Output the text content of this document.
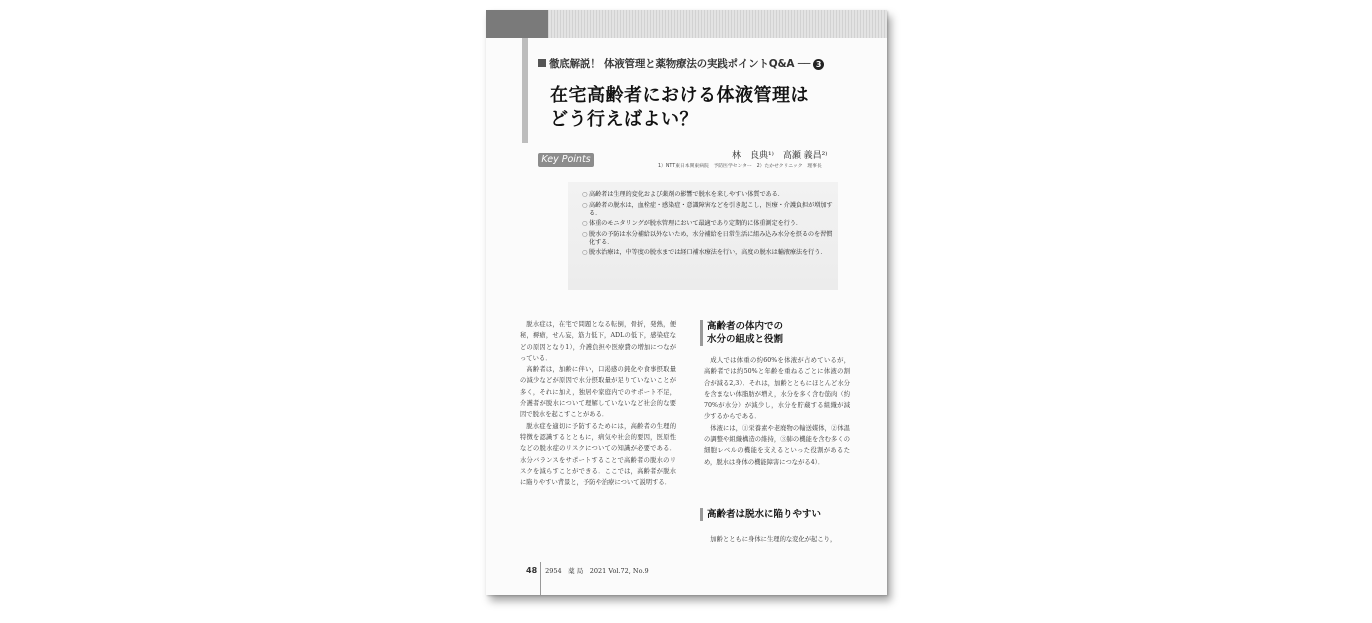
徹底解説！ 体液管理と薬物療法の実践ポイントQ&A ── 3
在宅高齢者における体液管理は
どう行えばよい？
林　良典¹⁾　高瀬 義昌²⁾
1）NTT東日本関東病院　予防医学センター　2）たかせクリニック　理事長
Key Points
○ 高齢者は生理的変化および薬剤の影響で脱水を来しやすい体質である．
○ 高齢者の脱水は，血栓症・感染症・意識障害などを引き起こし，医療・介護負担が増加する．
○ 体重のモニタリングが脱水管理において最適であり定期的に体重測定を行う．
○ 脱水の予防は水分補給以外ないため，水分補給を日常生活に組み込み水分を摂るのを習慣化する．
○ 脱水治療は，中等度の脱水までは経口補水療法を行い，高度の脱水は輸液療法を行う．

脱水症は，在宅で問題となる転倒，骨折，発熱，便秘，褥瘡，せん妄，筋力低下，ADLの低下，感染症などの原因となり1），介護負担や医療費の増加につながっている．

高齢者は，加齢に伴い，口渇感の鈍化や食事摂取量の減少などが原因で水分摂取量が足りていないことが多く，それに加え，独居や家庭内でのサポート不足，介護者が脱水について理解していないなど社会的な要因で脱水を起こすことがある．

脱水症を適切に予防するためには，高齢者の生理的特徴を認識するとともに，病気や社会的要因，医原性などの脱水症のリスクについての知識が必要である．水分バランスをサポートすることで高齢者の脱水のリスクを減らすことができる．ここでは，高齢者が脱水に陥りやすい背景と，予防や治療について説明する．

高齢者の体内での
水分の組成と役割

成人では体重の約60%を体液が占めているが，高齢者では約50%と年齢を重ねるごとに体液の割合が減る2,3）．それは，加齢とともにほとんど水分を含まない体脂肪が増え，水分を多く含む筋肉（約70%が水分）が減少し，水分を貯蔵する組織が減少するからである．

体液には，①栄養素や老廃物の輸送媒体，②体温の調整や組織構造の維持，③肺の機能を含む多くの細胞レベルの機能を支えるといった役割があるため，脱水は身体の機能障害につながる4）．

高齢者は脱水に陥りやすい

加齢とともに身体に生理的な変化が起こり，

48 2954　薬 局　2021 Vol.72, No.9
